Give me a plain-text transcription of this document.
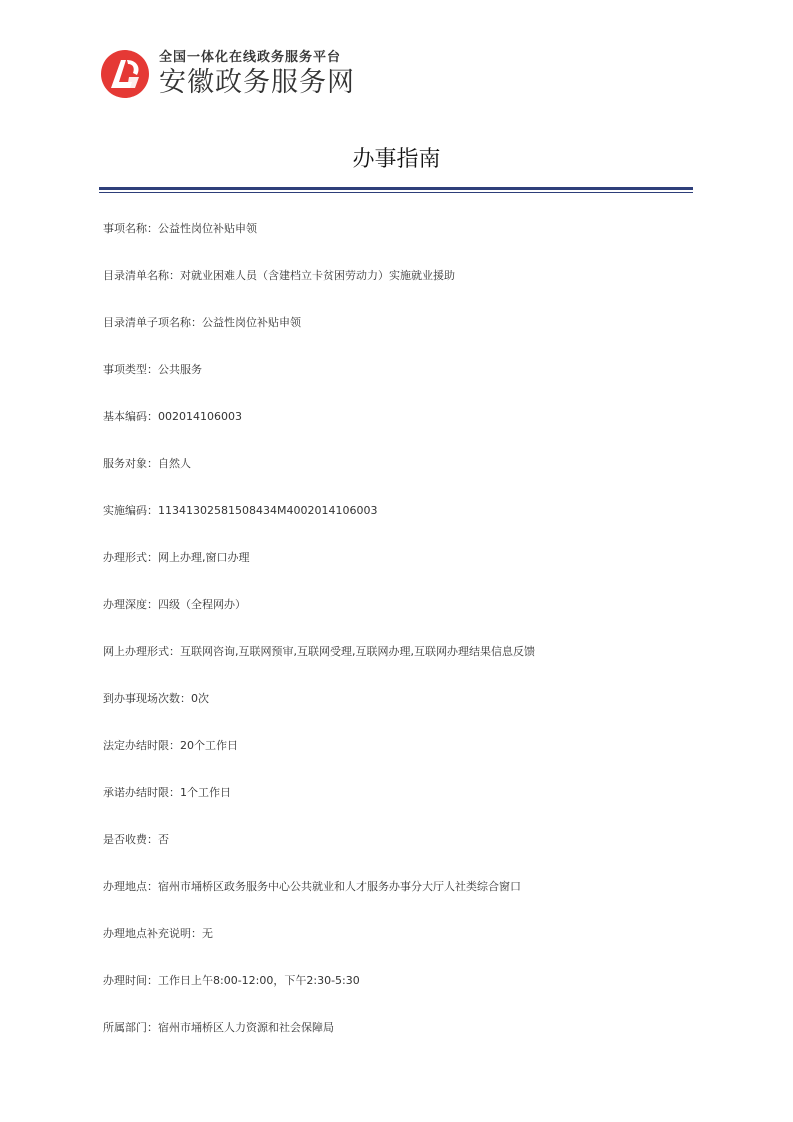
全国一体化在线政务服务平台
安徽政务服务网
办事指南
事项名称：公益性岗位补贴申领
目录清单名称：对就业困难人员（含建档立卡贫困劳动力）实施就业援助
目录清单子项名称：公益性岗位补贴申领
事项类型：公共服务
基本编码：002014106003
服务对象：自然人
实施编码：11341302581508434M4002014106003
办理形式：网上办理,窗口办理
办理深度：四级（全程网办）
网上办理形式：互联网咨询,互联网预审,互联网受理,互联网办理,互联网办理结果信息反馈
到办事现场次数：0次
法定办结时限：20个工作日
承诺办结时限：1个工作日
是否收费：否
办理地点：宿州市埇桥区政务服务中心公共就业和人才服务办事分大厅人社类综合窗口
办理地点补充说明：无
办理时间：工作日上午8:00-12:00，下午2:30-5:30
所属部门：宿州市埇桥区人力资源和社会保障局
